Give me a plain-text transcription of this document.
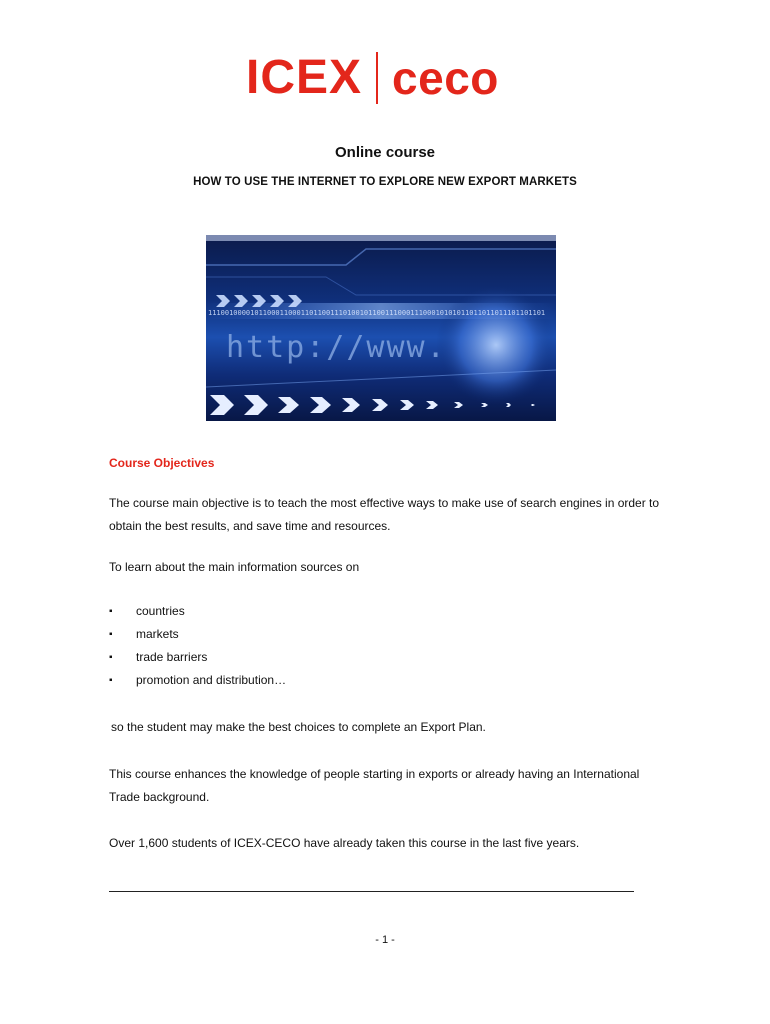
ICEX ceco
Online course
HOW TO USE THE INTERNET TO EXPLORE NEW EXPORT MARKETS
11100100001011000110001101100111010010110011100011100010101011011011011101101101
http://www.
Course Objectives
The course main objective is to teach the most effective ways to make use of search engines in order to obtain the best results, and save time and resources.
To learn about the main information sources on
▪ countries
▪ markets
▪ trade barriers
▪ promotion and distribution…
so the student may make the best choices to complete an Export Plan.
This course enhances the knowledge of people starting in exports or already having an International Trade background.
Over 1,600 students of ICEX-CECO have already taken this course in the last five years.
- 1 -
